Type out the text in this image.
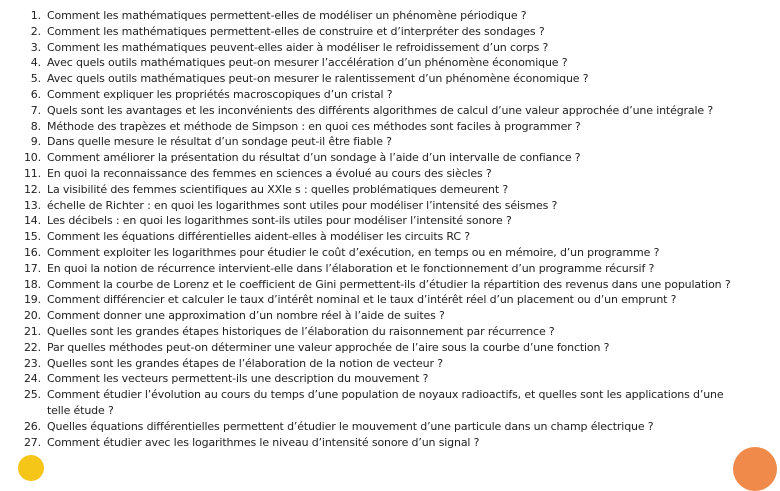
1. Comment les mathématiques permettent-elles de modéliser un phénomène périodique ?
2. Comment les mathématiques permettent-elles de construire et d’interpréter des sondages ?
3. Comment les mathématiques peuvent-elles aider à modéliser le refroidissement d’un corps ?
4. Avec quels outils mathématiques peut-on mesurer l’accélération d’un phénomène économique ?
5. Avec quels outils mathématiques peut-on mesurer le ralentissement d’un phénomène économique ?
6. Comment expliquer les propriétés macroscopiques d’un cristal ?
7. Quels sont les avantages et les inconvénients des différents algorithmes de calcul d’une valeur approchée d’une intégrale ?
8. Méthode des trapèzes et méthode de Simpson : en quoi ces méthodes sont faciles à programmer ?
9. Dans quelle mesure le résultat d’un sondage peut-il être fiable ?
10. Comment améliorer la présentation du résultat d’un sondage à l’aide d’un intervalle de confiance ?
11. En quoi la reconnaissance des femmes en sciences a évolué au cours des siècles ?
12. La visibilité des femmes scientifiques au XXIe s : quelles problématiques demeurent ?
13. échelle de Richter : en quoi les logarithmes sont utiles pour modéliser l’intensité des séismes ?
14. Les décibels : en quoi les logarithmes sont-ils utiles pour modéliser l’intensité sonore ?
15. Comment les équations différentielles aident-elles à modéliser les circuits RC ?
16. Comment exploiter les logarithmes pour étudier le coût d’exécution, en temps ou en mémoire, d’un programme ?
17. En quoi la notion de récurrence intervient-elle dans l’élaboration et le fonctionnement d’un programme récursif ?
18. Comment la courbe de Lorenz et le coefficient de Gini permettent-ils d’étudier la répartition des revenus dans une population ?
19. Comment différencier et calculer le taux d’intérêt nominal et le taux d’intérêt réel d’un placement ou d’un emprunt ?
20. Comment donner une approximation d’un nombre réel à l’aide de suites ?
21. Quelles sont les grandes étapes historiques de l’élaboration du raisonnement par récurrence ?
22. Par quelles méthodes peut-on déterminer une valeur approchée de l’aire sous la courbe d’une fonction ?
23. Quelles sont les grandes étapes de l’élaboration de la notion de vecteur ?
24. Comment les vecteurs permettent-ils une description du mouvement ?
25. Comment étudier l’évolution au cours du temps d’une population de noyaux radioactifs, et quelles sont les applications d’une telle étude ?
26. Quelles équations différentielles permettent d’étudier le mouvement d’une particule dans un champ électrique ?
27. Comment étudier avec les logarithmes le niveau d’intensité sonore d’un signal ?
